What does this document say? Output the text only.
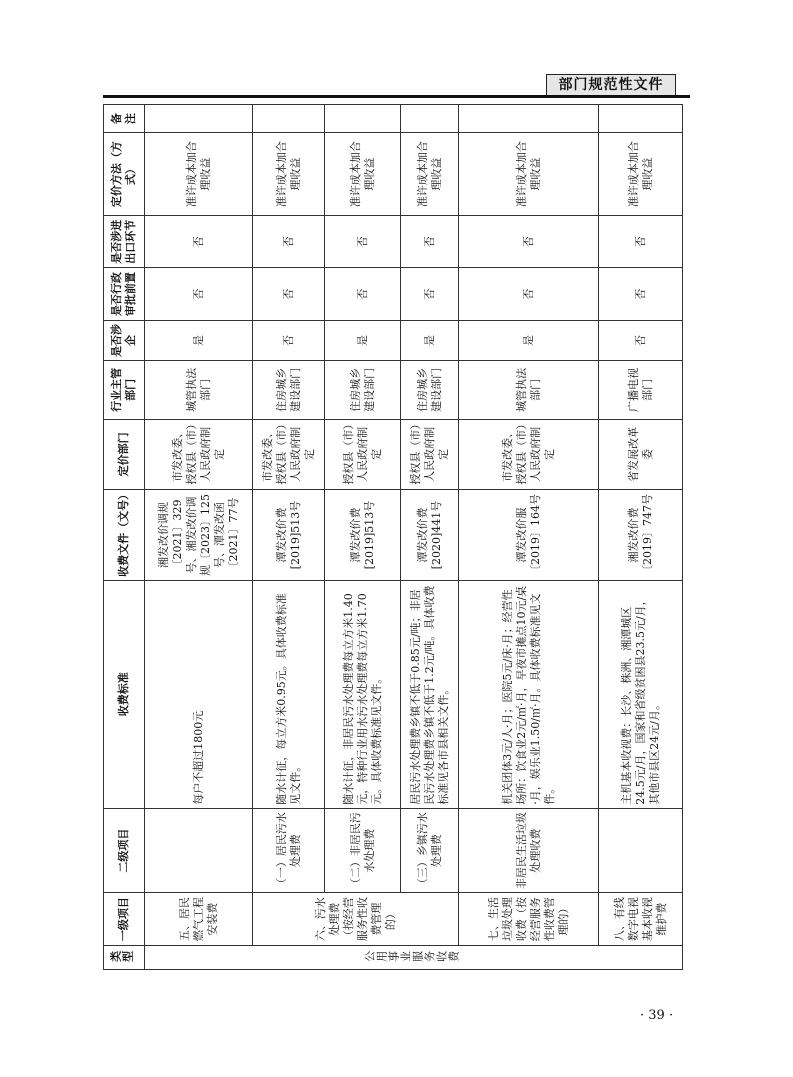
部门规范性文件
类型	一级项目	二级项目	收费标准	收费文件（文号）	定价部门	行业主管部门	是否涉企	是否行政审批前置	是否涉进出口环节	定价方法（方式）	备注
公用事业服务收费	五、居民燃气工程安装费		每户不超过1800元	湘发改价调规〔2021〕329号、湘发改价调规〔2023〕125号、潭发改函〔2021〕77号	市发改委、授权县（市）人民政府制定	城管执法部门	是	否	否	准许成本加合理收益	
	六、污水处理费（按经营服务性收费管理的）	（一）居民污水处理费	随水计征，每立方米0.95元。具体收费标准见文件。	潭发改价费[2019]513号	市发改委、授权县（市）人民政府制定	住房城乡建设部门	否	否	否	准许成本加合理收益	
		（二）非居民污水处理费	随水计征，非居民污水处理费每立方米1.40元，特种行业用水污水处理费每立方米1.70元。具体收费标准见文件。	潭发改价费[2019]513号	授权县（市）人民政府制定	住房城乡建设部门	是	否	否	准许成本加合理收益	
		（三）乡镇污水处理费	居民污水处理费乡镇不低于0.85元/吨；非居民污水处理费乡镇不低于1.2元/吨。具体收费标准见各市县相关文件。	潭发改价费[2020]441号	授权县（市）人民政府制定	住房城乡建设部门	是	否	否	准许成本加合理收益	
	七、生活垃圾处理收费（按经营服务性收费管理的）	非居民生活垃圾处理收费	机关团体3元/人·月；医院5元/床·月；经营性场所：饮食业2元/㎡·月，早夜市摊点10元/桌·月，娱乐业1.50/㎡·月。具体收费标准见文件。	潭发改价服〔2019〕164号	市发改委、授权县（市）人民政府制定	城管执法部门	是	否	否	准许成本加合理收益	
	八、有线数字电视基本收视维护费		主机基本收视费：长沙、株洲、湘潭城区24.5元/月，国家和省级贫困县23.5元/月，其他市县区24元/月。	湘发改价费〔2019〕747号	省发展改革委	广播电视部门	否	否	否	准许成本加合理收益	
· 39 ·
